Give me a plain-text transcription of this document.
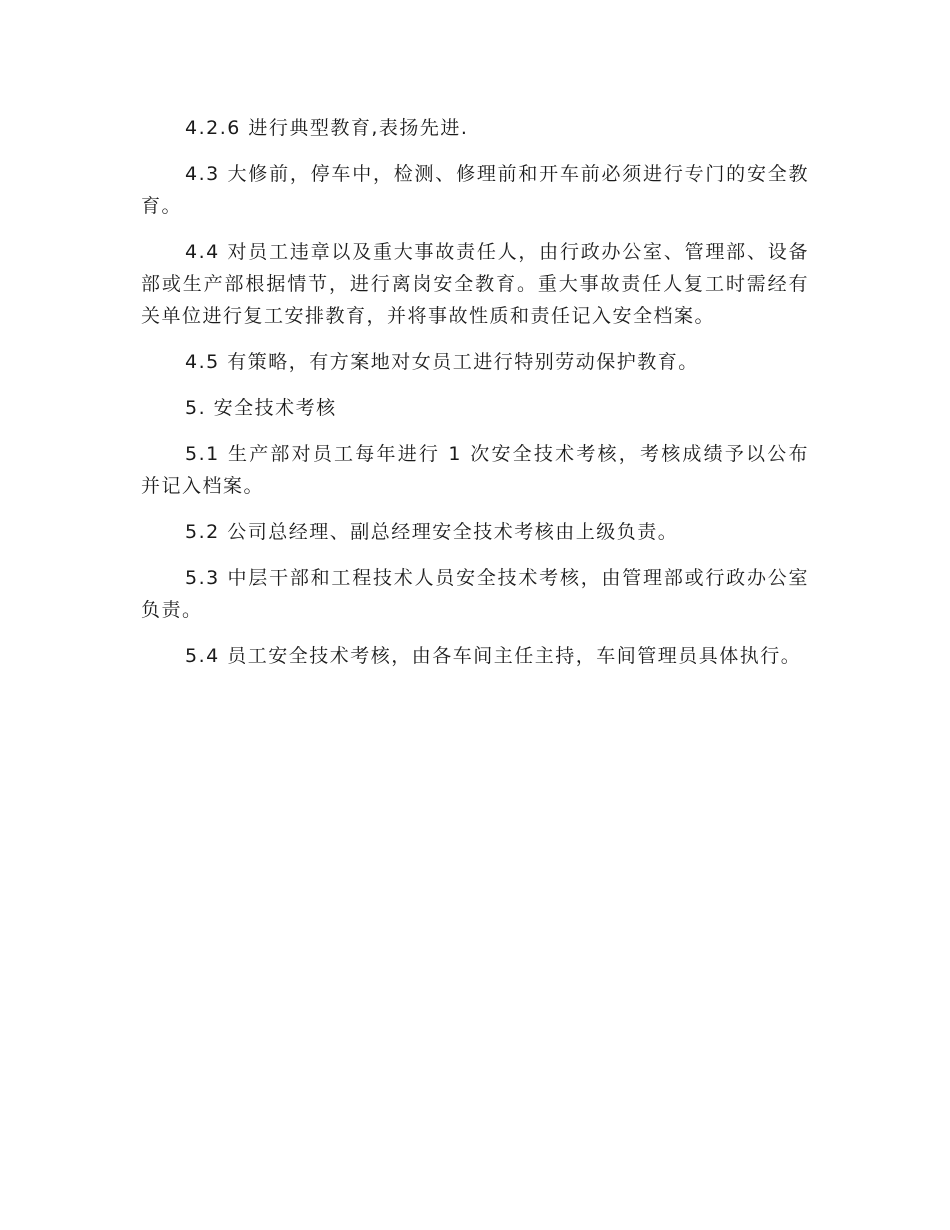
4.2.6 进行典型教育,表扬先进.

4.3 大修前，停车中，检测、修理前和开车前必须进行专门的安全教育。

4.4 对员工违章以及重大事故责任人，由行政办公室、管理部、设备部或生产部根据情节，进行离岗安全教育。重大事故责任人复工时需经有关单位进行复工安排教育，并将事故性质和责任记入安全档案。

4.5 有策略，有方案地对女员工进行特别劳动保护教育。

5. 安全技术考核

5.1 生产部对员工每年进行 1 次安全技术考核，考核成绩予以公布并记入档案。

5.2 公司总经理、副总经理安全技术考核由上级负责。

5.3 中层干部和工程技术人员安全技术考核，由管理部或行政办公室负责。

5.4 员工安全技术考核，由各车间主任主持，车间管理员具体执行。
